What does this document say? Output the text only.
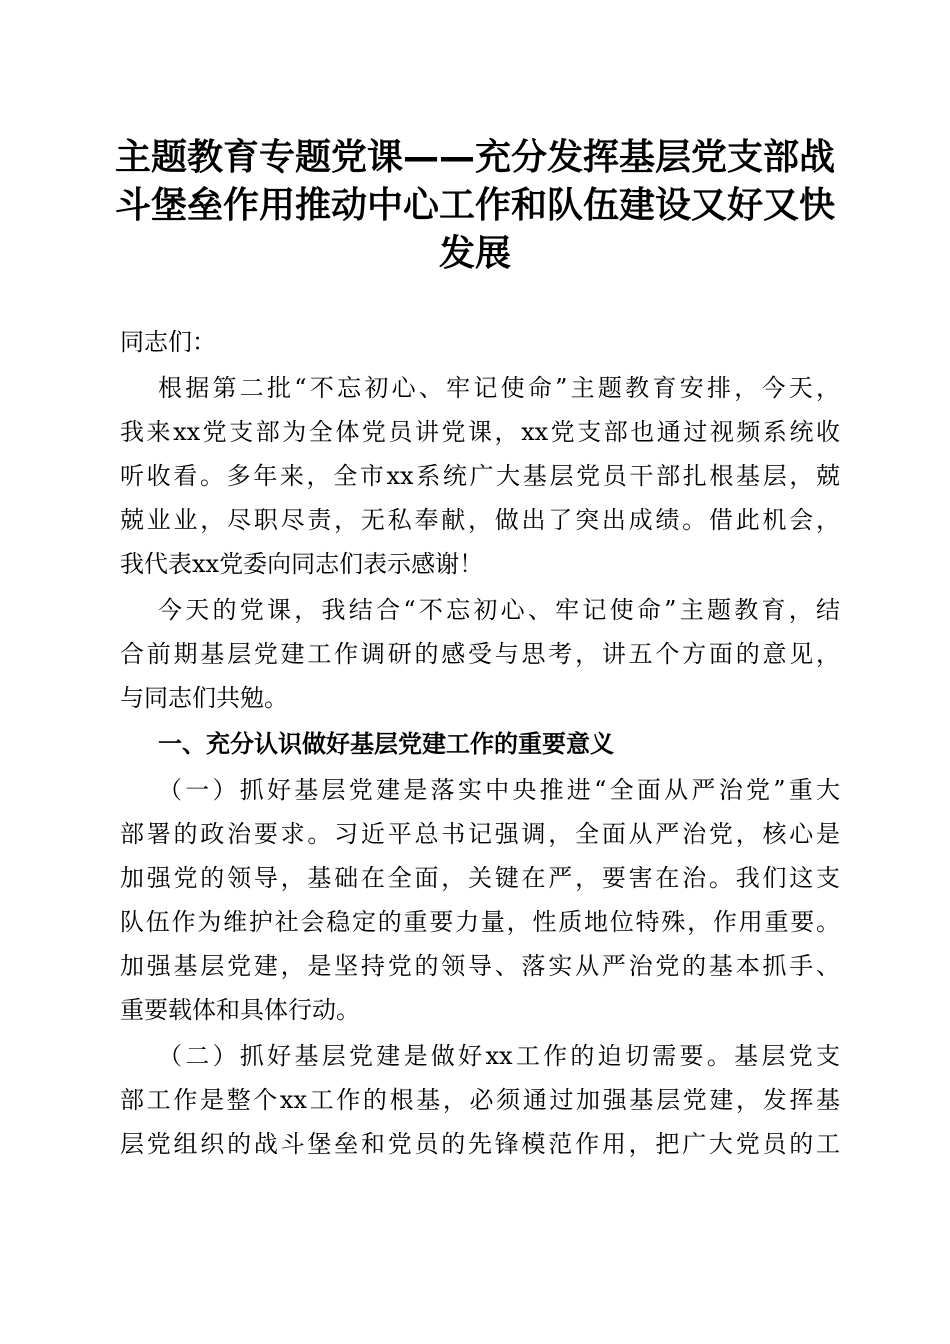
主题教育专题党课——充分发挥基层党支部战
斗堡垒作用推动中心工作和队伍建设又好又快
发展
同志们：
根据第二批“不忘初心、牢记使命”主题教育安排，今天，
我来xx党支部为全体党员讲党课，xx党支部也通过视频系统收
听收看。多年来，全市xx系统广大基层党员干部扎根基层，兢
兢业业，尽职尽责，无私奉献，做出了突出成绩。借此机会，
我代表xx党委向同志们表示感谢！
今天的党课，我结合“不忘初心、牢记使命”主题教育，结
合前期基层党建工作调研的感受与思考，讲五个方面的意见，
与同志们共勉。
一、充分认识做好基层党建工作的重要意义
（一）抓好基层党建是落实中央推进“全面从严治党”重大
部署的政治要求。习近平总书记强调，全面从严治党，核心是
加强党的领导，基础在全面，关键在严，要害在治。我们这支
队伍作为维护社会稳定的重要力量，性质地位特殊，作用重要。
加强基层党建，是坚持党的领导、落实从严治党的基本抓手、
重要载体和具体行动。
（二）抓好基层党建是做好xx工作的迫切需要。基层党支
部工作是整个xx工作的根基，必须通过加强基层党建，发挥基
层党组织的战斗堡垒和党员的先锋模范作用，把广大党员的工
